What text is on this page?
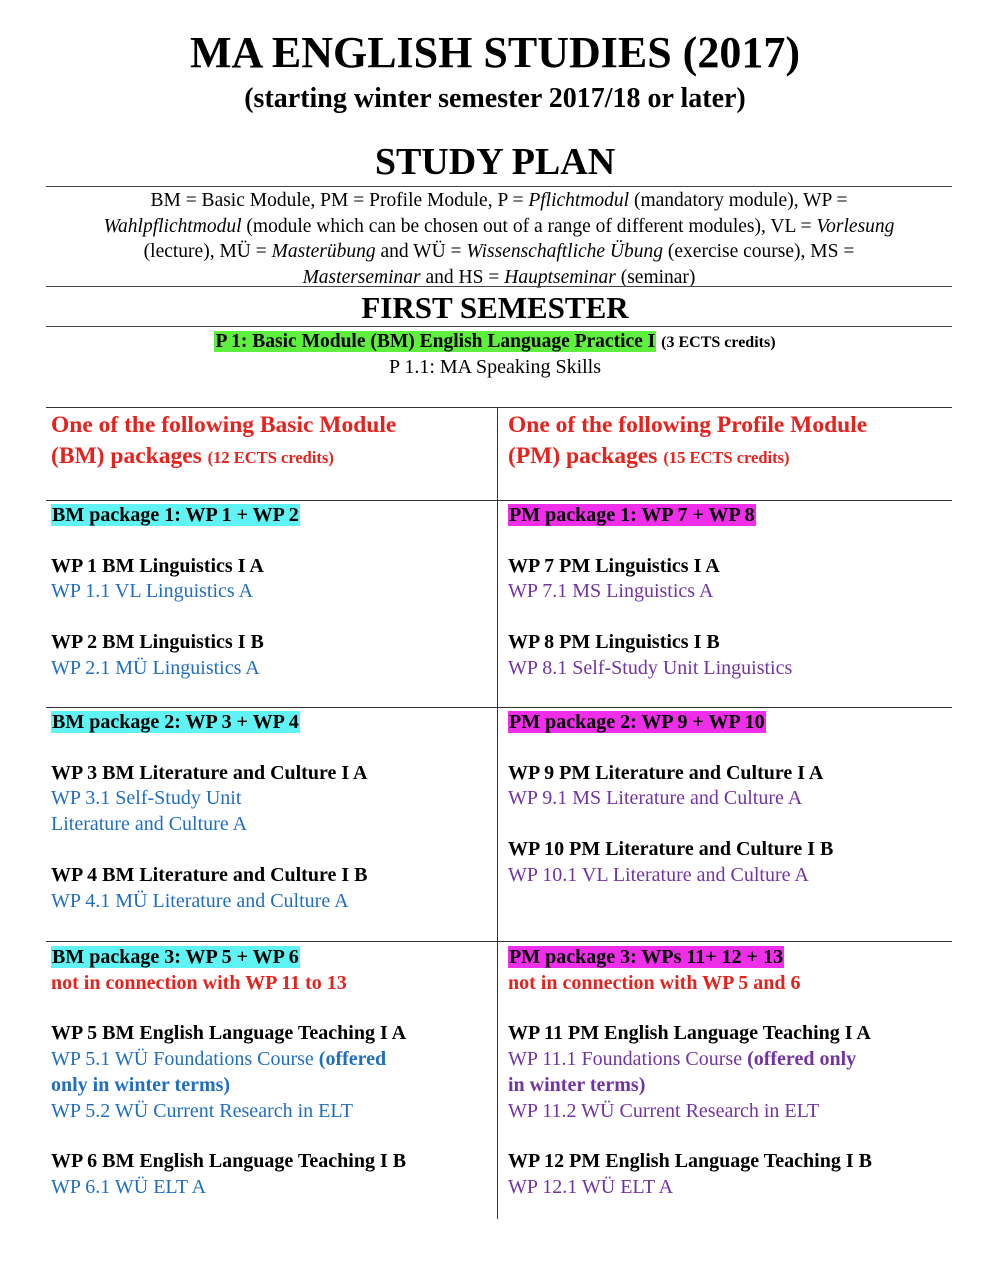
MA ENGLISH STUDIES (2017)
(starting winter semester 2017/18 or later)
STUDY PLAN
BM = Basic Module, PM = Profile Module, P = Pflichtmodul (mandatory module), WP =
Wahlpflichtmodul (module which can be chosen out of a range of different modules), VL = Vorlesung
(lecture), MÜ = Masterübung and WÜ = Wissenschaftliche Übung (exercise course), MS =
Masterseminar and HS = Hauptseminar (seminar)
FIRST SEMESTER
P 1: Basic Module (BM) English Language Practice I (3 ECTS credits)
P 1.1: MA Speaking Skills
One of the following Basic Module
(BM) packages (12 ECTS credits)
One of the following Profile Module
(PM) packages (15 ECTS credits)
BM package 1: WP 1 + WP 2
WP 1 BM Linguistics I A
WP 1.1 VL Linguistics A
WP 2 BM Linguistics I B
WP 2.1 MÜ Linguistics A
PM package 1: WP 7 + WP 8
WP 7 PM Linguistics I A
WP 7.1 MS Linguistics A
WP 8 PM Linguistics I B
WP 8.1 Self-Study Unit Linguistics
BM package 2: WP 3 + WP 4
WP 3 BM Literature and Culture I A
WP 3.1 Self-Study Unit
Literature and Culture A
WP 4 BM Literature and Culture I B
WP 4.1 MÜ Literature and Culture A
PM package 2: WP 9 + WP 10
WP 9 PM Literature and Culture I A
WP 9.1 MS Literature and Culture A
WP 10 PM Literature and Culture I B
WP 10.1 VL Literature and Culture A
BM package 3: WP 5 + WP 6
not in connection with WP 11 to 13
WP 5 BM English Language Teaching I A
WP 5.1 WÜ Foundations Course (offered
only in winter terms)
WP 5.2 WÜ Current Research in ELT
WP 6 BM English Language Teaching I B
WP 6.1 WÜ ELT A
PM package 3: WPs 11+ 12 + 13
not in connection with WP 5 and 6
WP 11 PM English Language Teaching I A
WP 11.1 Foundations Course (offered only
in winter terms)
WP 11.2 WÜ Current Research in ELT
WP 12 PM English Language Teaching I B
WP 12.1 WÜ ELT A
